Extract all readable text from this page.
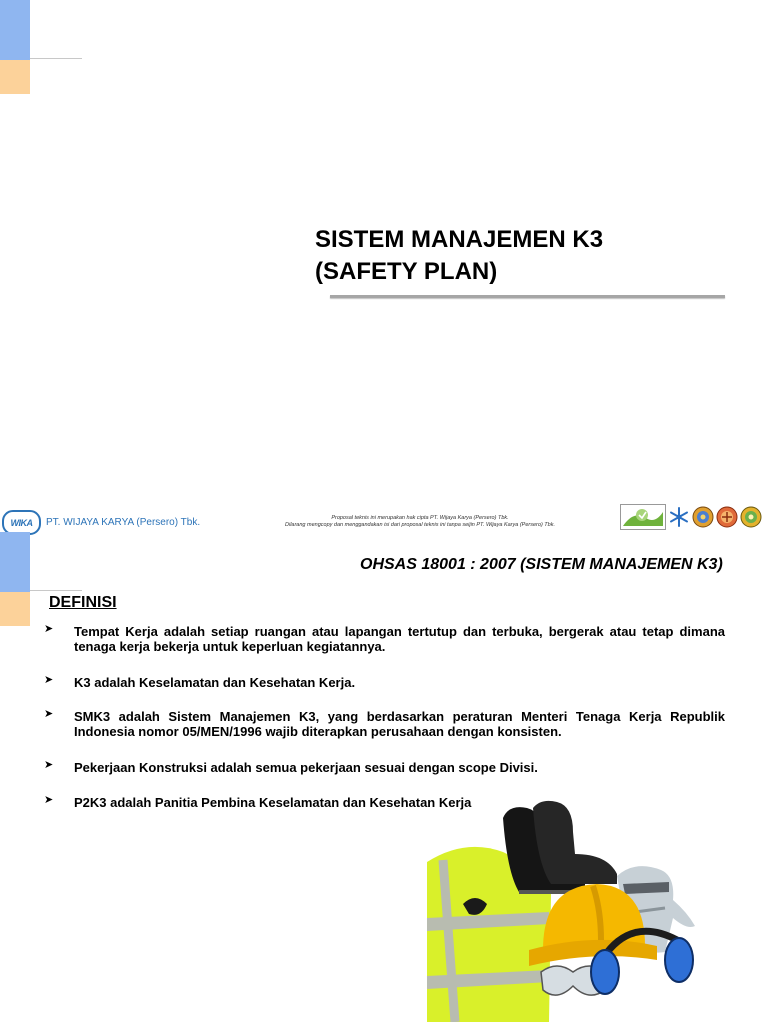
SISTEM MANAJEMEN K3
(SAFETY PLAN)
WIKA	PT. WIJAYA KARYA (Persero) Tbk.	Proposal teknis ini merupakan hak cipta PT. Wijaya Karya (Persero) Tbk.
Dilarang mengcopy dan menggandakan isi dari proposal teknis ini tanpa seijin PT. Wijaya Karya (Persero) Tbk.
OHSAS 18001 : 2007 (SISTEM MANAJEMEN K3)
DEFINISI
➤ Tempat Kerja adalah setiap ruangan atau lapangan tertutup dan terbuka, bergerak atau tetap dimana tenaga kerja bekerja untuk keperluan kegiatannya.
➤ K3 adalah Keselamatan dan Kesehatan Kerja.
➤ SMK3 adalah Sistem Manajemen K3, yang berdasarkan peraturan Menteri Tenaga Kerja Republik Indonesia nomor 05/MEN/1996 wajib diterapkan perusahaan dengan konsisten.
➤ Pekerjaan Konstruksi adalah semua pekerjaan sesuai dengan scope Divisi.
➤ P2K3 adalah Panitia Pembina Keselamatan dan Kesehatan Kerja
